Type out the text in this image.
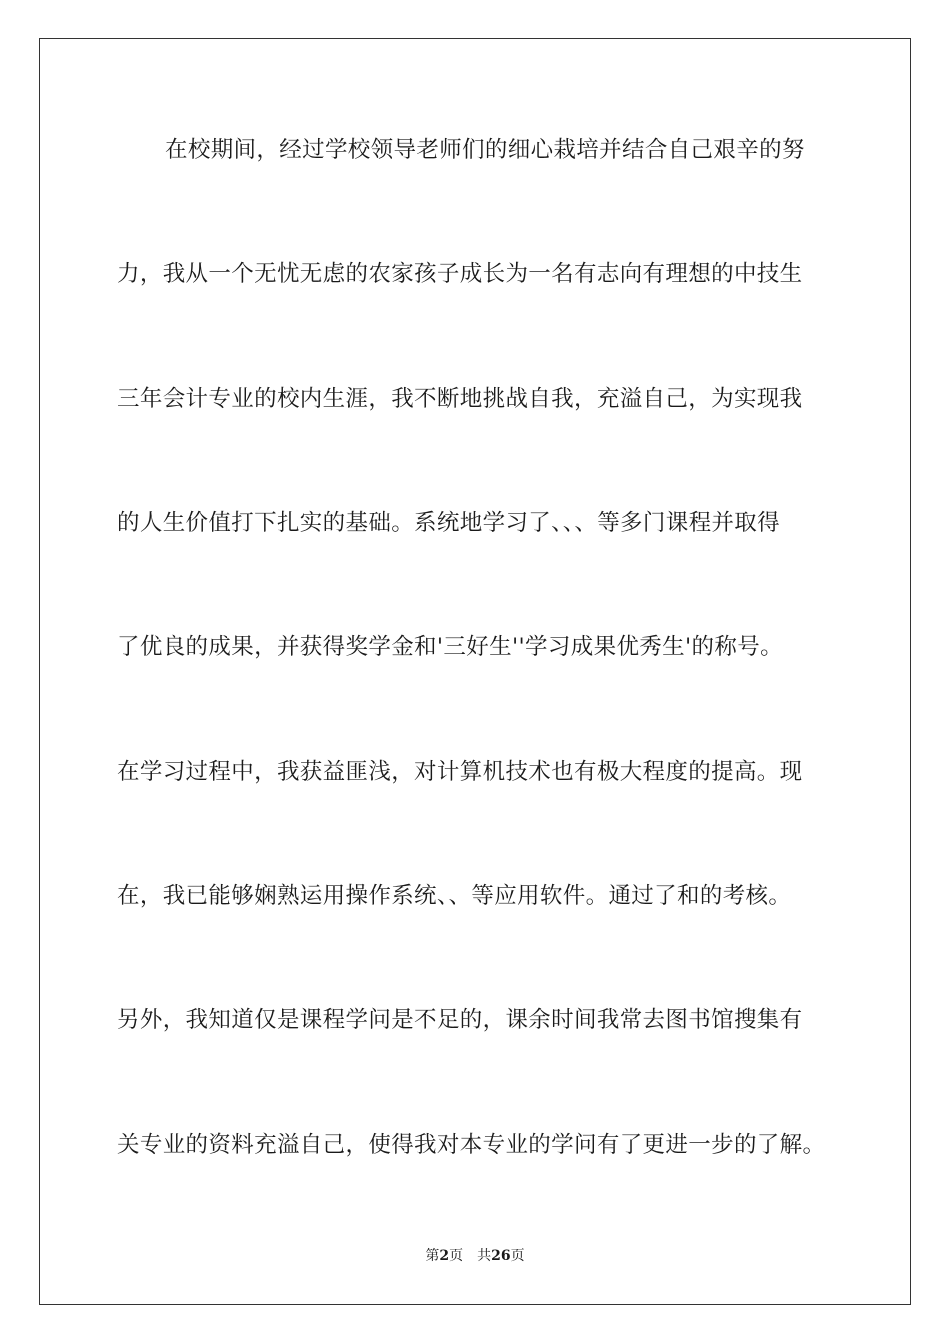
在校期间，经过学校领导老师们的细心栽培并结合自己艰辛的努
力，我从一个无忧无虑的农家孩子成长为一名有志向有理想的中技生
三年会计专业的校内生涯，我不断地挑战自我，充溢自己，为实现我
的人生价值打下扎实的基础。系统地学习了、、、等多门课程并取得
了优良的成果，并获得奖学金和'三好生''学习成果优秀生'的称号。
在学习过程中，我获益匪浅，对计算机技术也有极大程度的提高。现
在，我已能够娴熟运用操作系统、、等应用软件。通过了和的考核。
另外，我知道仅是课程学问是不足的，课余时间我常去图书馆搜集有
关专业的资料充溢自己，使得我对本专业的学问有了更进一步的了解。
第2页 共26页
